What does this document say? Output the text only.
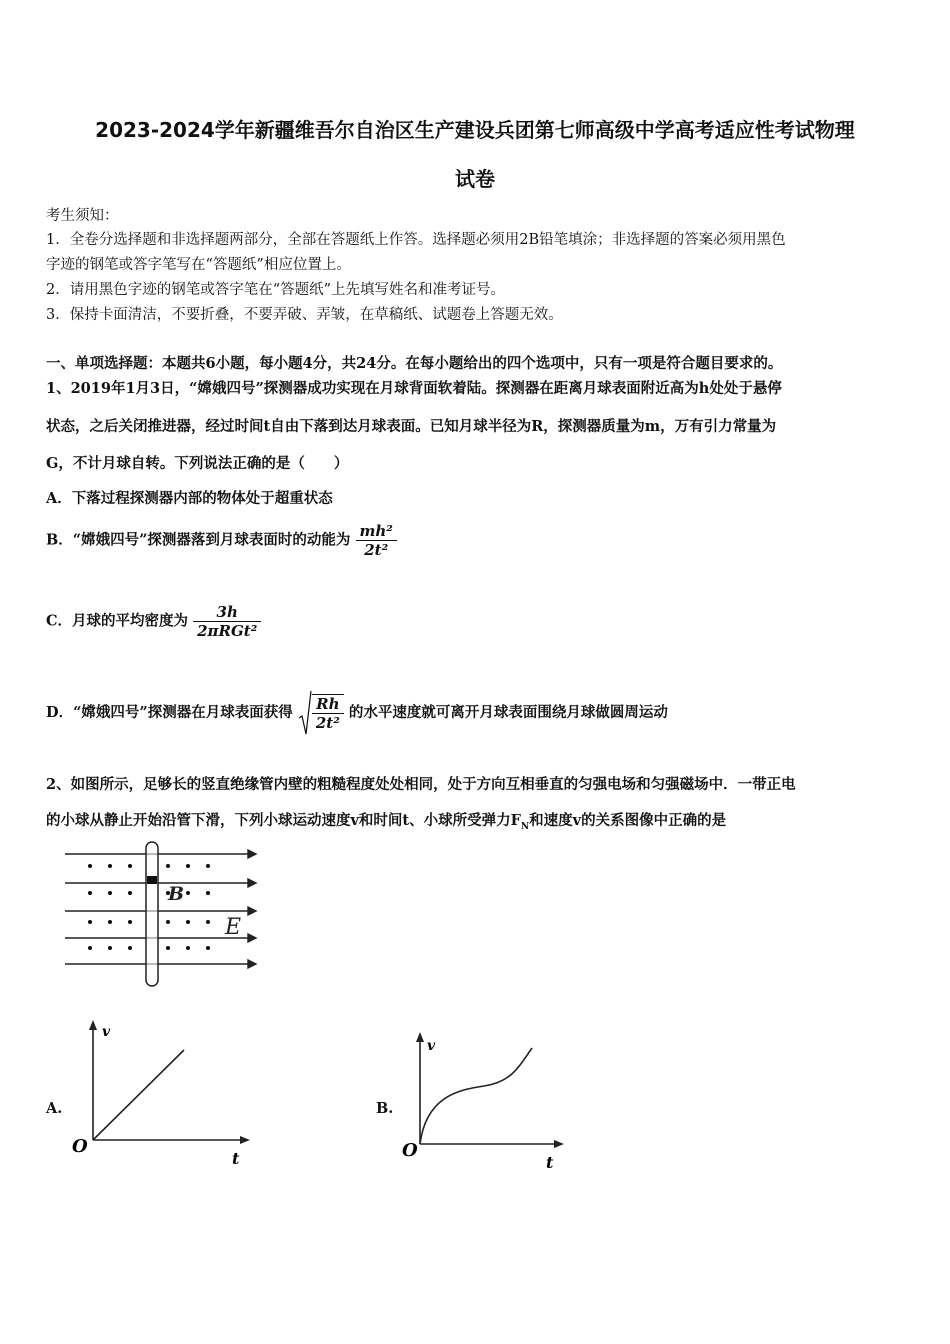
2023-2024学年新疆维吾尔自治区生产建设兵团第七师高级中学高考适应性考试物理
试卷
考生须知：
1．全卷分选择题和非选择题两部分，全部在答题纸上作答。选择题必须用2B铅笔填涂；非选择题的答案必须用黑色
字迹的钢笔或答字笔写在“答题纸”相应位置上。
2．请用黑色字迹的钢笔或答字笔在“答题纸”上先填写姓名和准考证号。
3．保持卡面清洁，不要折叠，不要弄破、弄皱，在草稿纸、试题卷上答题无效。
一、单项选择题：本题共6小题，每小题4分，共24分。在每小题给出的四个选项中，只有一项是符合题目要求的。
1、2019年1月3日，“嫦娥四号”探测器成功实现在月球背面软着陆。探测器在距离月球表面附近高为h处处于悬停
状态，之后关闭推进器，经过时间t自由下落到达月球表面。已知月球半径为R，探测器质量为m，万有引力常量为
G，不计月球自转。下列说法正确的是（　　）
A．下落过程探测器内部的物体处于超重状态
B．“嫦娥四号”探测器落到月球表面时的动能为 $\frac{\text{mh²}}{\text{2t²}}$
C．月球的平均密度为 $\frac{3h}{\text{2πRGt²}}$
D．“嫦娥四号”探测器在月球表面获得 $\frac{Rh}{\text{2t²}}$ 的水平速度就可离开月球表面围绕月球做圆周运动
2、如图所示，足够长的竖直绝缘管内壁的粗糙程度处处相同，处于方向互相垂直的匀强电场和匀强磁场中．一带正电
的小球从静止开始沿管下滑，下列小球运动速度v和时间t、小球所受弹力$F_N$和速度v的关系图像中正确的是
B
E
A.
v
t
O
B.
v
t
O
